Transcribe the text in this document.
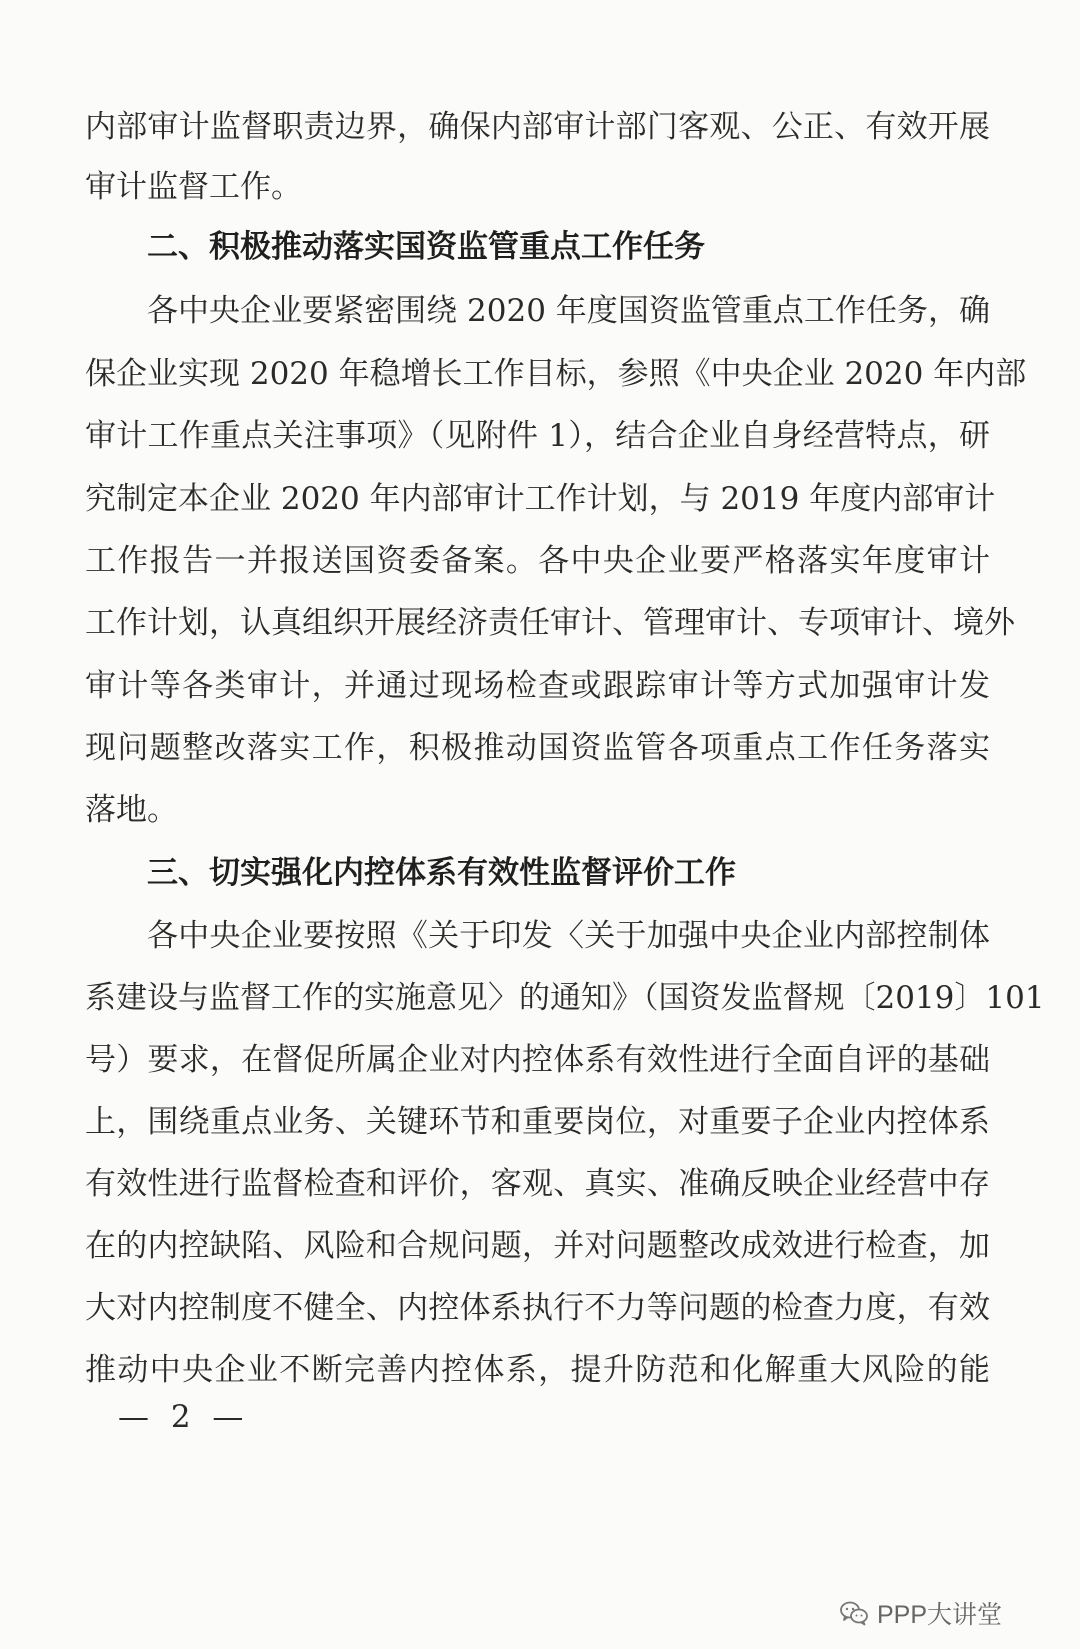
内部审计监督职责边界，确保内部审计部门客观、公正、有效开展
审计监督工作。
二、积极推动落实国资监管重点工作任务
各中央企业要紧密围绕 2020 年度国资监管重点工作任务，确
保企业实现 2020 年稳增长工作目标，参照《中央企业 2020 年内部
审计工作重点关注事项》（见附件 1），结合企业自身经营特点，研
究制定本企业 2020 年内部审计工作计划，与 2019 年度内部审计
工作报告一并报送国资委备案。各中央企业要严格落实年度审计
工作计划，认真组织开展经济责任审计、管理审计、专项审计、境外
审计等各类审计，并通过现场检查或跟踪审计等方式加强审计发
现问题整改落实工作，积极推动国资监管各项重点工作任务落实
落地。
三、切实强化内控体系有效性监督评价工作
各中央企业要按照《关于印发〈关于加强中央企业内部控制体
系建设与监督工作的实施意见〉的通知》（国资发监督规〔2019〕101
号）要求，在督促所属企业对内控体系有效性进行全面自评的基础
上，围绕重点业务、关键环节和重要岗位，对重要子企业内控体系
有效性进行监督检查和评价，客观、真实、准确反映企业经营中存
在的内控缺陷、风险和合规问题，并对问题整改成效进行检查，加
大对内控制度不健全、内控体系执行不力等问题的检查力度，有效
推动中央企业不断完善内控体系，提升防范和化解重大风险的能
— 2 —
PPP大讲堂
